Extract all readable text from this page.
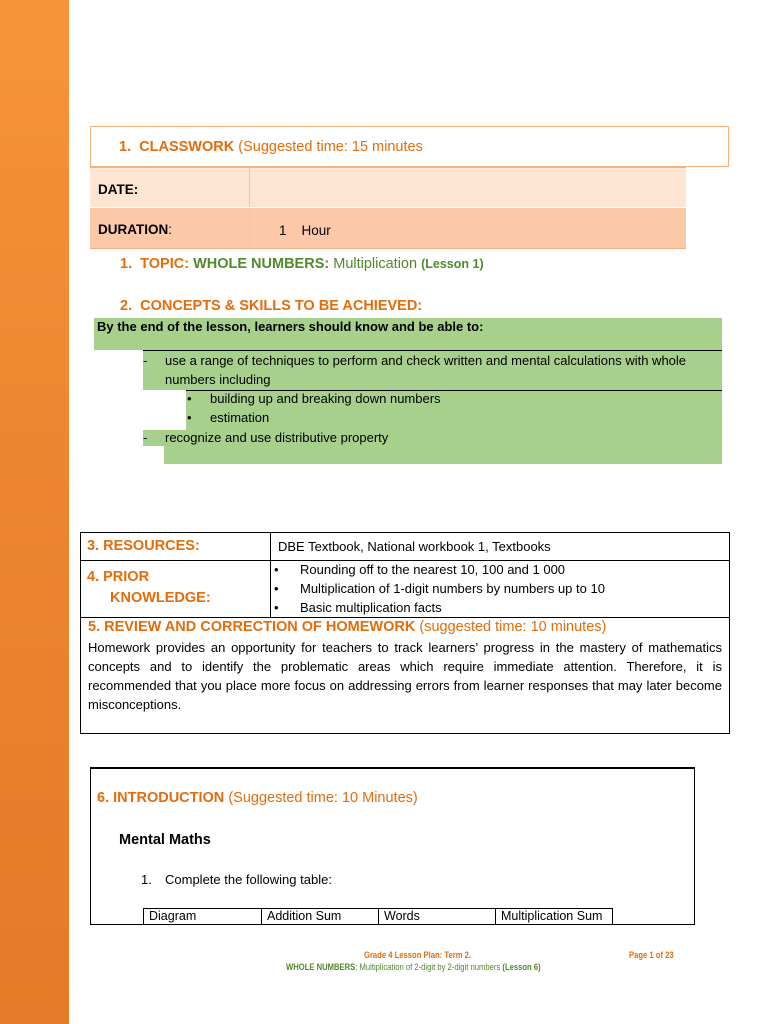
1. CLASSWORK (Suggested time: 15 minutes
DATE:
DURATION:	1    Hour
1. TOPIC: WHOLE NUMBERS: Multiplication (Lesson 1)
2. CONCEPTS & SKILLS TO BE ACHIEVED:
By the end of the lesson, learners should know and be able to:
- use a range of techniques to perform and check written and mental calculations with whole
numbers including
• building up and breaking down numbers
• estimation
- recognize and use distributive property
3. RESOURCES:	DBE Textbook, National workbook 1, Textbooks
4. PRIOR
KNOWLEDGE:
• Rounding off to the nearest 10, 100 and 1 000
• Multiplication of 1-digit numbers by numbers up to 10
• Basic multiplication facts
5. REVIEW AND CORRECTION OF HOMEWORK (suggested time: 10 minutes)
Homework provides an opportunity for teachers to track learners’ progress in the mastery of mathematics concepts and to identify the problematic areas which require immediate attention. Therefore, it is recommended that you place more focus on addressing errors from learner responses that may later become misconceptions.
6. INTRODUCTION (Suggested time: 10 Minutes)
Mental Maths
1. Complete the following table:
Diagram	Addition Sum	Words	Multiplication Sum
Grade 4 Lesson Plan: Term 2.	Page 1 of 23
WHOLE NUMBERS: Multiplication of 2-digit by 2-digit numbers (Lesson 6)
